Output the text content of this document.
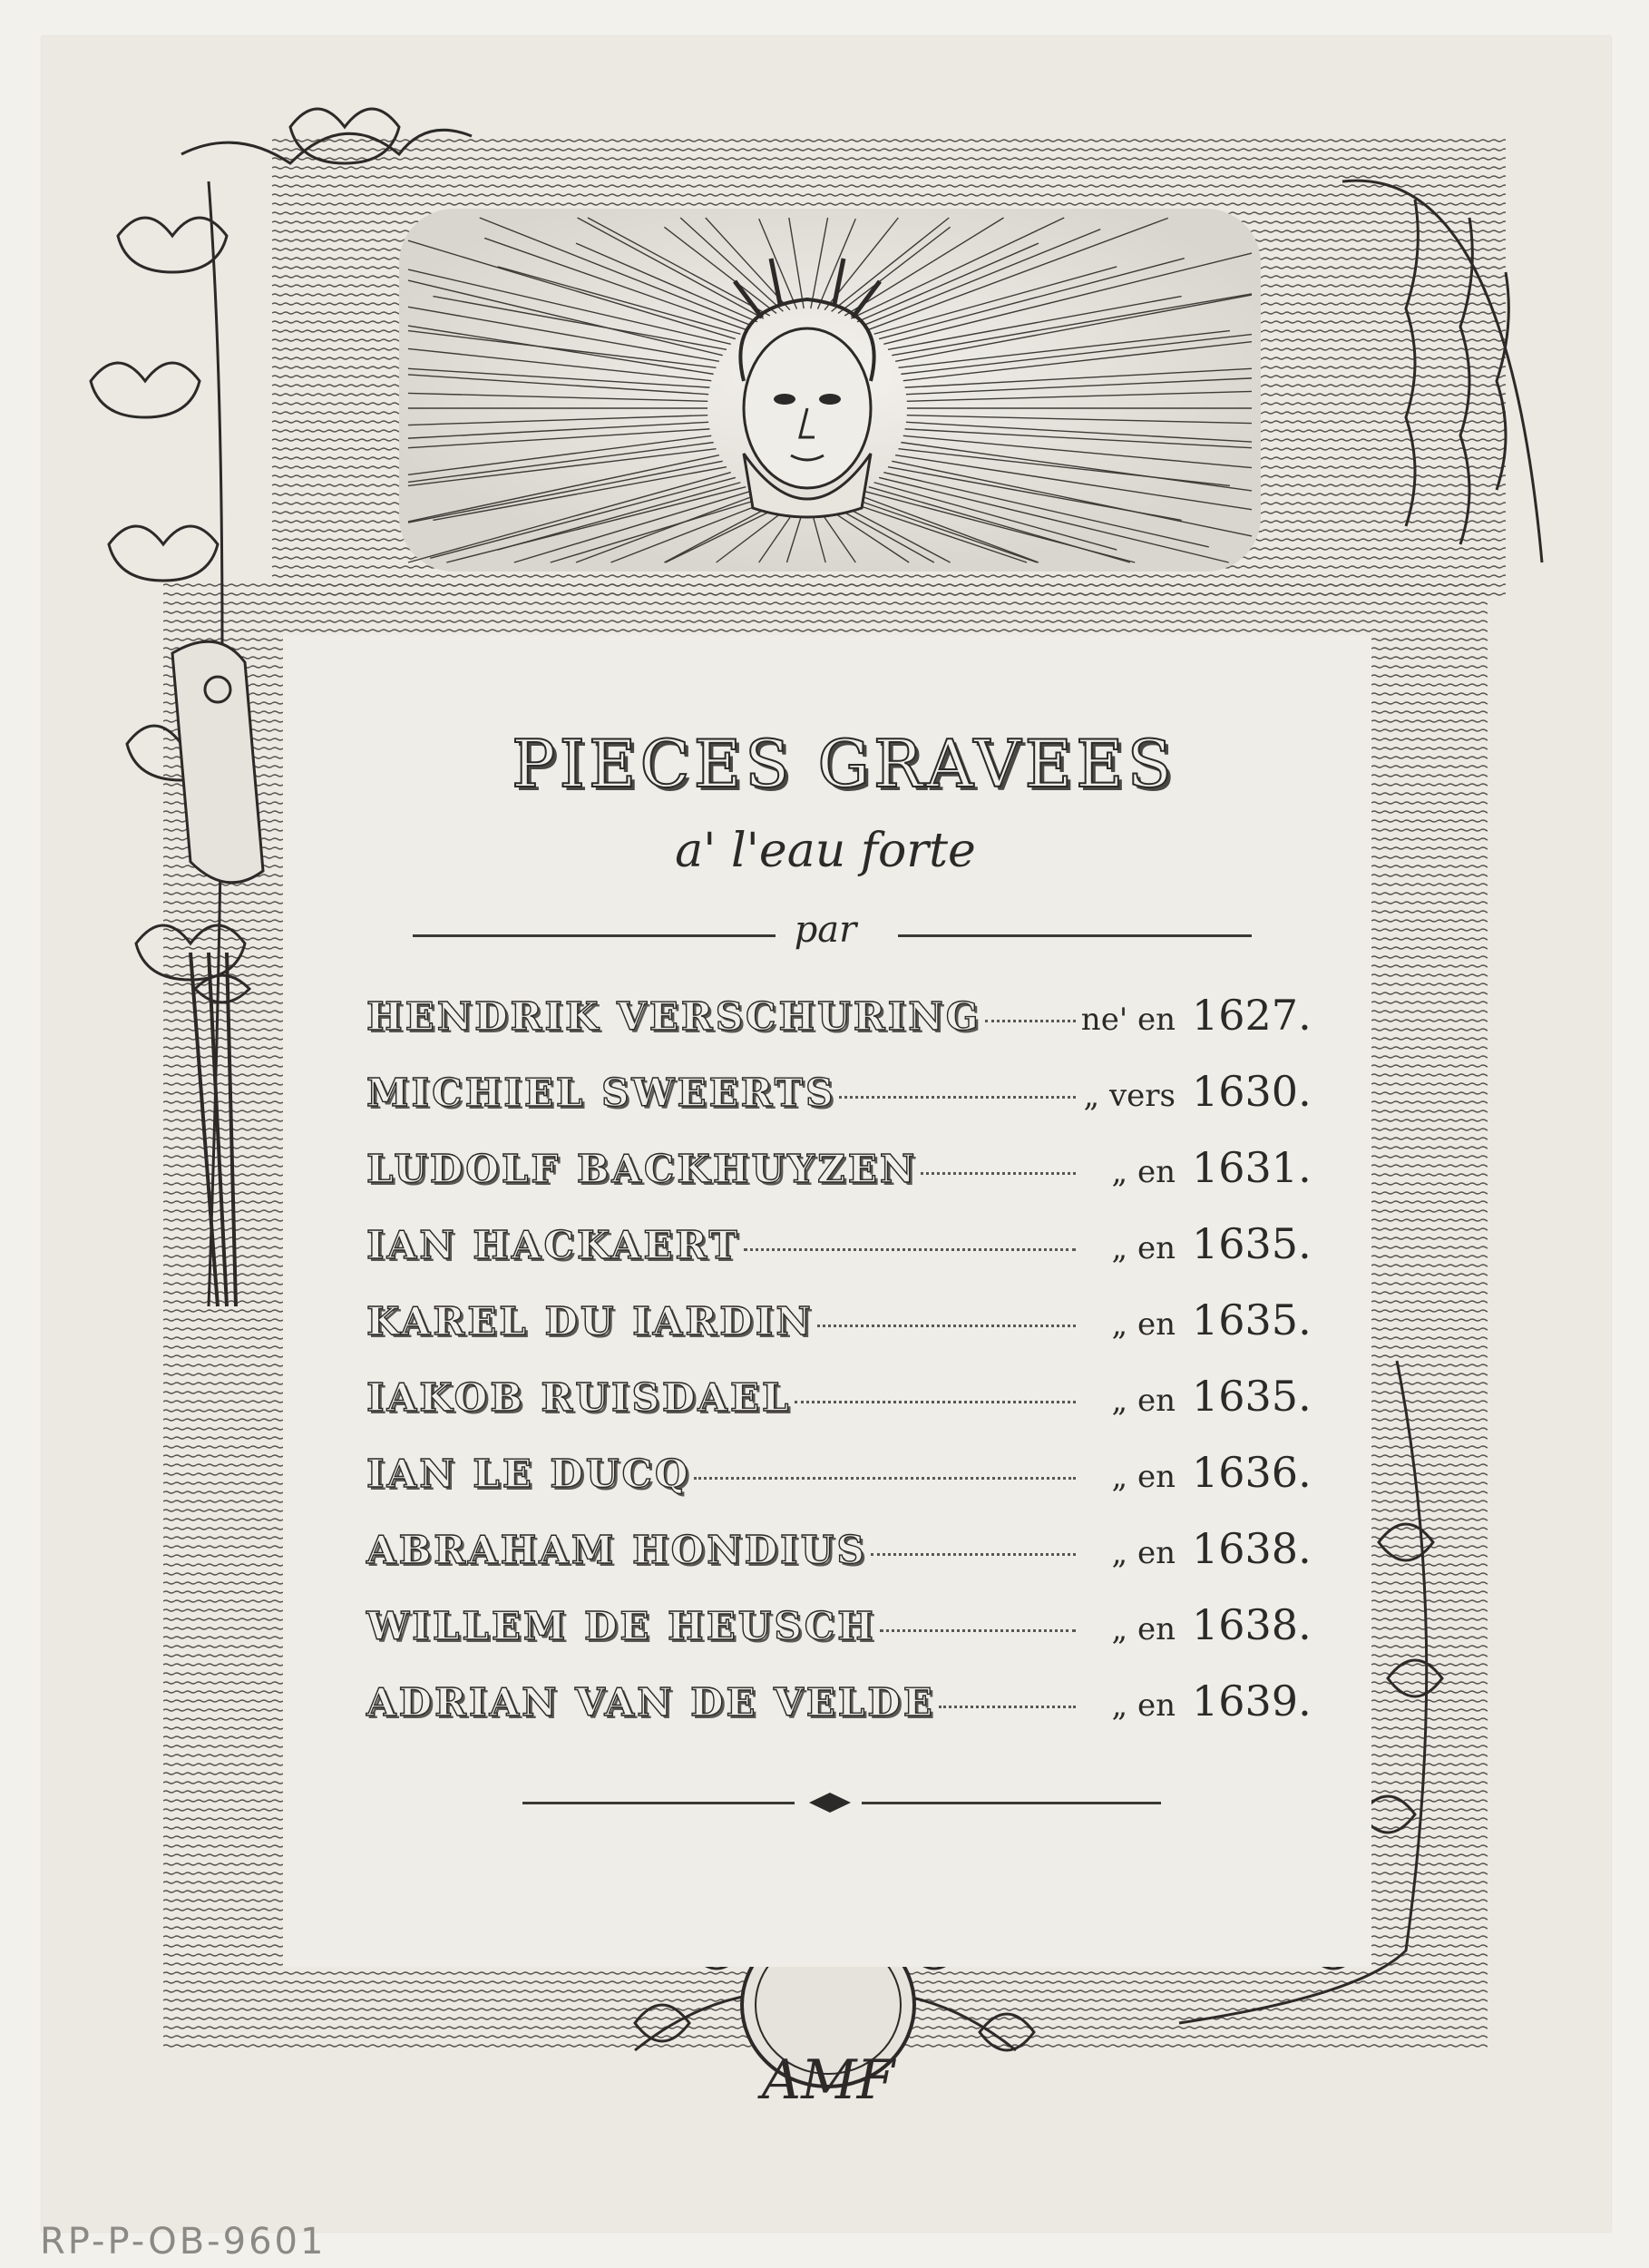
PIECES GRAVEES
a' l'eau forte
par
HENDRIK VERSCHURING	ne' en 1627.
MICHIEL SWEERTS	„ vers 1630.
LUDOLF BACKHUYZEN	„ en 1631.
IAN HACKAERT	„ en 1635.
KAREL DU IARDIN	„ en 1635.
IAKOB RUISDAEL	„ en 1635.
IAN LE DUCQ	„ en 1636.
ABRAHAM HONDIUS	„ en 1638.
WILLEM DE HEUSCH	„ en 1638.
ADRIAN VAN DE VELDE	„ en 1639.
AMF
RP-P-OB-9601
